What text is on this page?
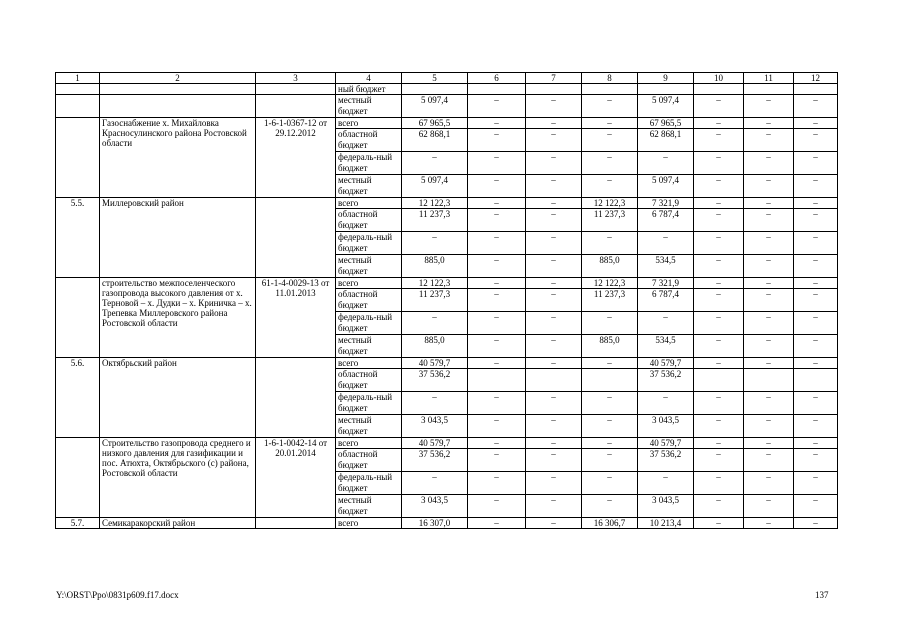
1	2	3	4	5	6	7	8	9	10	11	12
			ный бюджет								
			местный бюджет	5 097,4	–	–	–	5 097,4	–	–	–
	Газоснабжение х. Михайловка Красносулинского района Ростовской области	1-6-1-0367-12 от 29.12.2012	всего	67 965,5	–	–	–	67 965,5	–	–	–
			областной бюджет	62 868,1	–	–	–	62 868,1	–	–	–
			федераль-ный бюджет	–	–	–	–	–	–	–	–
			местный бюджет	5 097,4	–	–	–	5 097,4	–	–	–
5.5.	Миллеровский район		всего	12 122,3	–	–	12 122,3	7 321,9	–	–	–
			областной бюджет	11 237,3	–	–	11 237,3	6 787,4	–	–	–
			федераль-ный бюджет	–	–	–	–	–	–	–	–
			местный бюджет	885,0	–	–	885,0	534,5	–	–	–
	строительство межпоселенческого газопровода высокого давления от х. Терновой – х. Дудки – х. Криничка – х. Трепевка Миллеровского района Ростовской области	61-1-4-0029-13 от 11.01.2013	всего	12 122,3	–	–	12 122,3	7 321,9	–	–	–
			областной бюджет	11 237,3	–	–	11 237,3	6 787,4	–	–	–
			федераль-ный бюджет	–	–	–	–	–	–	–	–
			местный бюджет	885,0	–	–	885,0	534,5	–	–	–
5.6.	Октябрьский район		всего	40 579,7	–	–	–	40 579,7	–	–	–
			областной бюджет	37 536,2				37 536,2			
			федераль-ный бюджет	–	–	–	–	–	–	–	–
			местный бюджет	3 043,5	–	–	–	3 043,5	–	–	–
	Строительство газопровода среднего и низкого давления для газификации и пос. Атюхта, Октябрьского (с) района, Ростовской области	1-6-1-0042-14 от 20.01.2014	всего	40 579,7	–	–	–	40 579,7	–	–	–
			областной бюджет	37 536,2	–	–	–	37 536,2	–	–	–
			федераль-ный бюджет	–	–	–	–	–	–	–	–
			местный бюджет	3 043,5	–	–	–	3 043,5	–	–	–
5.7.	Семикаракорский район		всего	16 307,0	–	–	16 306,7	10 213,4	–	–	–
Y:\ORST\Ppo\0831p609.f17.docx	137
